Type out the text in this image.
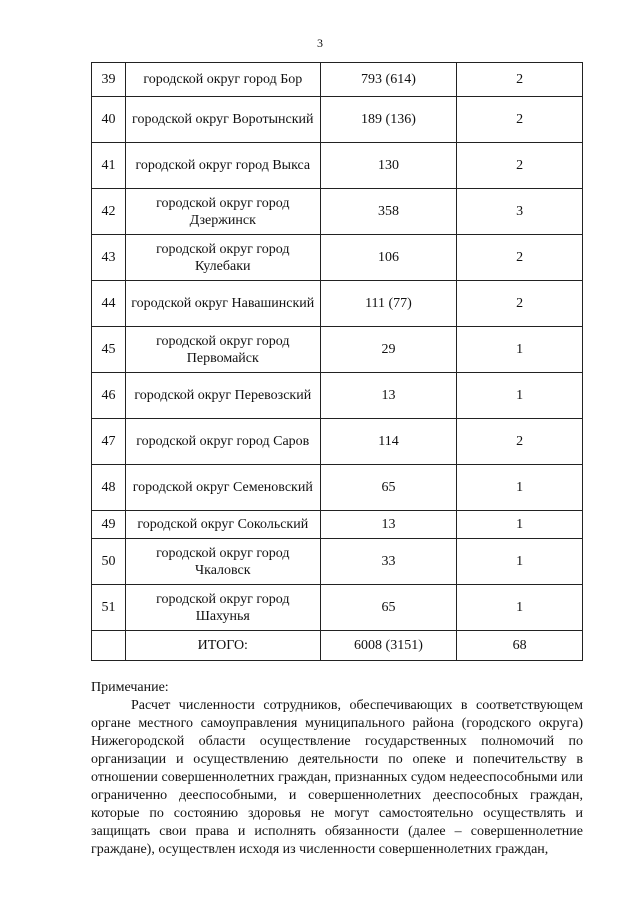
3
39	городской округ город Бор	793 (614)	2
40	городской округ Воротынский	189 (136)	2
41	городской округ город Выкса	130	2
42	городской округ город Дзержинск	358	3
43	городской округ город Кулебаки	106	2
44	городской округ Навашинский	111 (77)	2
45	городской округ город Первомайск	29	1
46	городской округ Перевозский	13	1
47	городской округ город Саров	114	2
48	городской округ Семеновский	65	1
49	городской округ Сокольский	13	1
50	городской округ город Чкаловск	33	1
51	городской округ город Шахунья	65	1
	ИТОГО:	6008 (3151)	68

Примечание:

Расчет численности сотрудников, обеспечивающих в соответствующем органе местного самоуправления муниципального района (городского округа) Нижегородской области осуществление государственных полномочий по организации и осуществлению деятельности по опеке и попечительству в отношении совершеннолетних граждан, признанных судом недееспособными или ограниченно дееспособными, и совершеннолетних дееспособных граждан, которые по состоянию здоровья не могут самостоятельно осуществлять и защищать свои права и исполнять обязанности (далее – совершеннолетние граждане), осуществлен исходя из численности совершеннолетних граждан,
